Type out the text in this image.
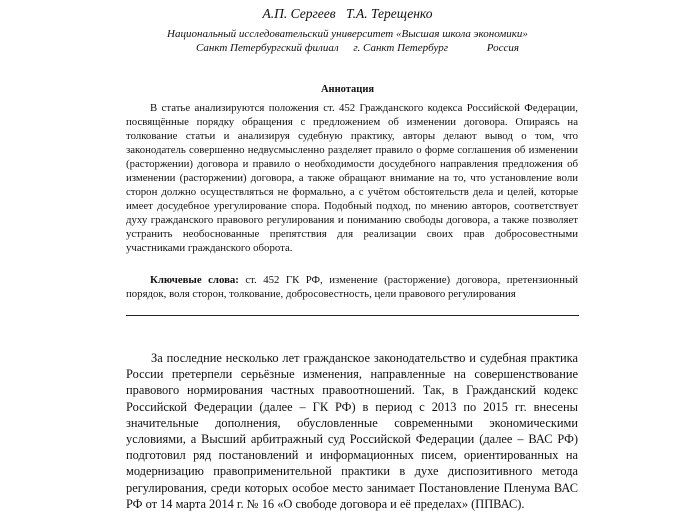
А.П. Сергеев Т.А. Терещенко
Национальный исследовательский университет «Высшая школа экономики»
Санкт Петербургский филиал г. Санкт Петербург	Россия
Аннотация

В статье анализируются положения ст. 452 Гражданского кодекса Российской Федерации, посвящённые порядку обращения с предложением об изменении договора. Опираясь на толкование статьи и анализируя судебную практику, авторы делают вывод о том, что законодатель совершенно недвусмысленно разделяет правило о форме соглашения об изменении (расторжении) договора и правило о необходимости досудебного направления предложения об изменении (расторжении) договора, а также обращают внимание на то, что установление воли сторон должно осуществляться не формально, а с учётом обстоятельств дела и целей, которые имеет досудебное урегулирование спора. Подобный подход, по мнению авторов, соответствует духу гражданского правового регулирования и пониманию свободы договора, а также позволяет устранить необоснованные препятствия для реализации своих прав добросовестными участниками гражданского оборота.

Ключевые слова: ст. 452 ГК РФ, изменение (расторжение) договора, претензионный порядок, воля сторон, толкование, добросовестность, цели правового регулирования

За последние несколько лет гражданское законодательство и судебная практика России претерпели серьёзные изменения, направленные на совершенствование правового нормирования частных правоотношений. Так, в Гражданский кодекс Российской Федерации (далее – ГК РФ) в период с 2013 по 2015 гг. внесены значительные дополнения, обусловленные современными экономическими условиями, а Высший арбитражный суд Российской Федерации (далее – ВАС РФ) подготовил ряд постановлений и информационных писем, ориентированных на модернизацию правоприменительной практики в духе диспозитивного метода регулирования, среди которых особое место занимает Постановление Пленума ВАС РФ от 14 марта 2014 г. № 16 «О свободе договора и её пределах» (ППВАС).
